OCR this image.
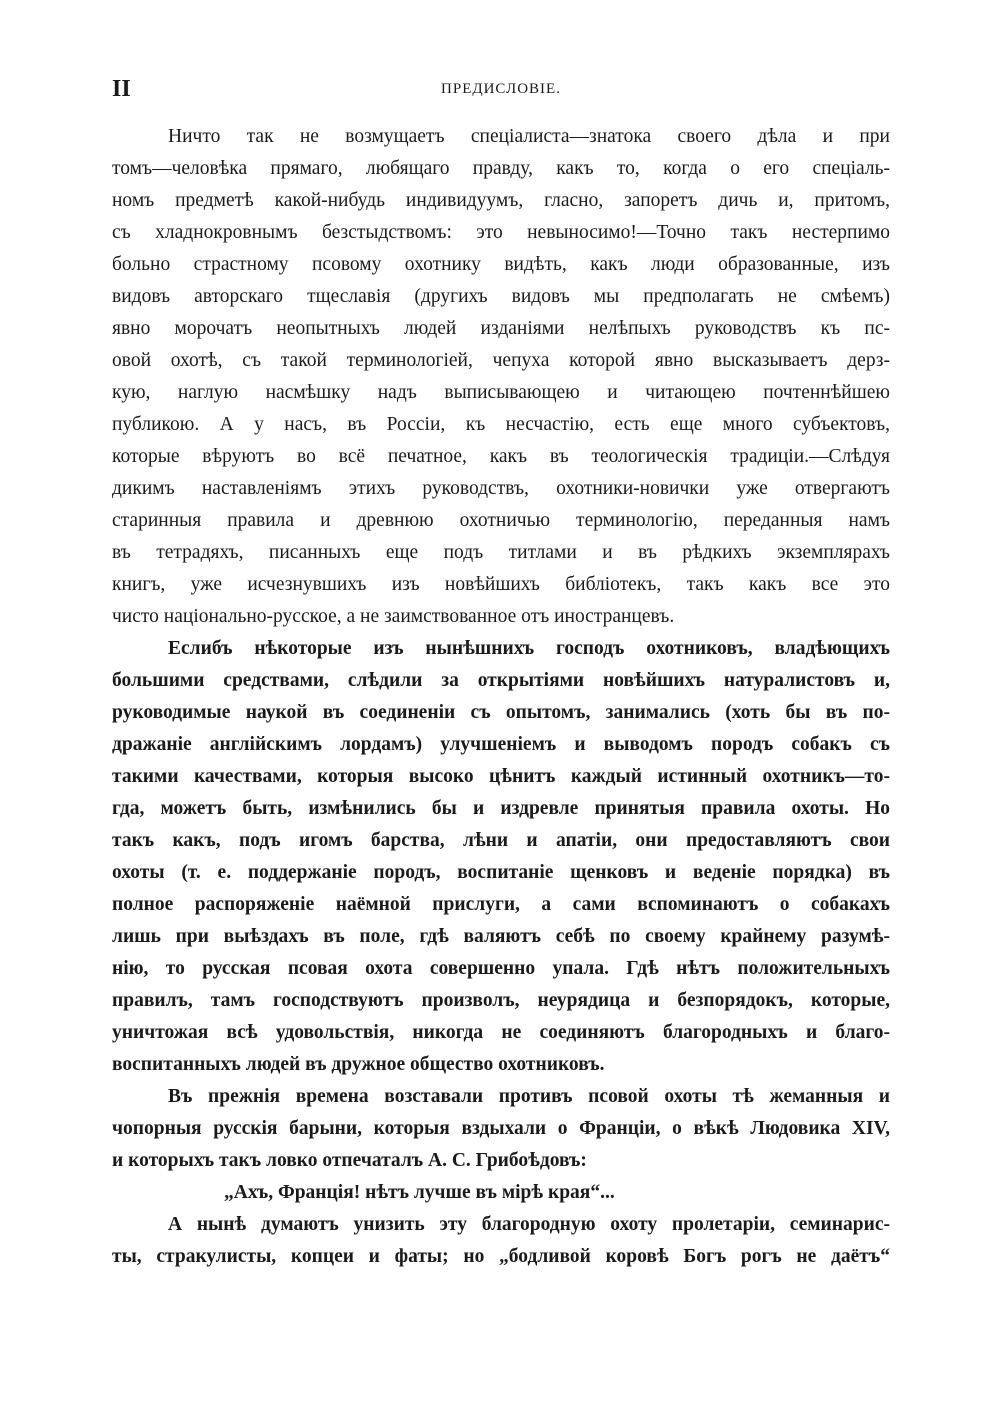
II	ПРЕДИСЛОВІЕ.
Ничто так не возмущаетъ спеціалиста—знатока своего дѣла и при
томъ—человѣка прямаго, любящаго правду, какъ то, когда о его спеціаль-
номъ предметѣ какой-нибудь индивидуумъ, гласно, запоретъ дичь и, притомъ,
съ хладнокровнымъ безстыдствомъ: это невыносимо!—Точно такъ нестерпимо
больно страстному псовому охотнику видѣть, какъ люди образованные, изъ
видовъ авторскаго тщеславія (другихъ видовъ мы предполагать не смѣемъ)
явно морочатъ неопытныхъ людей изданіями нелѣпыхъ руководствъ къ пс-
овой охотѣ, съ такой терминологіей, чепуха которой явно высказываетъ дерз-
кую, наглую насмѣшку надъ выписывающею и читающею почтеннѣйшею
публикою. А у насъ, въ Россіи, къ несчастію, есть еще много субъектовъ,
которые вѣруютъ во всё печатное, какъ въ теологическія традиціи.—Слѣдуя
дикимъ наставленіямъ этихъ руководствъ, охотники-новички уже отвергаютъ
старинныя правила и древнюю охотничью терминологію, переданныя намъ
въ тетрадяхъ, писанныхъ еще подъ титлами и въ рѣдкихъ экземплярахъ
книгъ, уже исчезнувшихъ изъ новѣйшихъ библіотекъ, такъ какъ все это
чисто національно-русское, а не заимствованное отъ иностранцевъ.
Еслибъ нѣкоторые изъ нынѣшнихъ господъ охотниковъ, владѣющихъ
большими средствами, слѣдили за открытіями новѣйшихъ натуралистовъ и,
руководимые наукой въ соединеніи съ опытомъ, занимались (хоть бы въ по-
дражаніе англійскимъ лордамъ) улучшеніемъ и выводомъ породъ собакъ съ
такими качествами, которыя высоко цѣнитъ каждый истинный охотникъ—то-
гда, можетъ быть, измѣнились бы и издревле принятыя правила охоты. Но
такъ какъ, подъ игомъ барства, лѣни и апатіи, они предоставляютъ свои
охоты (т. е. поддержаніе породъ, воспитаніе щенковъ и веденіе порядка) въ
полное распоряженіе наёмной прислуги, а сами вспоминаютъ о собакахъ
лишь при выѣздахъ въ поле, гдѣ валяютъ себѣ по своему крайнему разумѣ-
нію, то русская псовая охота совершенно упала. Гдѣ нѣтъ положительныхъ
правилъ, тамъ господствуютъ произволъ, неурядица и безпорядокъ, которые,
уничтожая всѣ удовольствія, никогда не соединяютъ благородныхъ и благо-
воспитанныхъ людей въ дружное общество охотниковъ.
Въ прежнія времена возставали противъ псовой охоты тѣ жеманныя и
чопорныя русскія барыни, которыя вздыхали о Франціи, о вѣкѣ Людовика XIV,
и которыхъ такъ ловко отпечаталъ А. С. Грибоѣдовъ:
„Ахъ, Франція! нѣтъ лучше въ мірѣ края“...
А нынѣ думаютъ унизить эту благородную охоту пролетаріи, семинарис-
ты, стракулисты, копцеи и фаты; но „бодливой коровѣ Богъ рогъ не даётъ“
